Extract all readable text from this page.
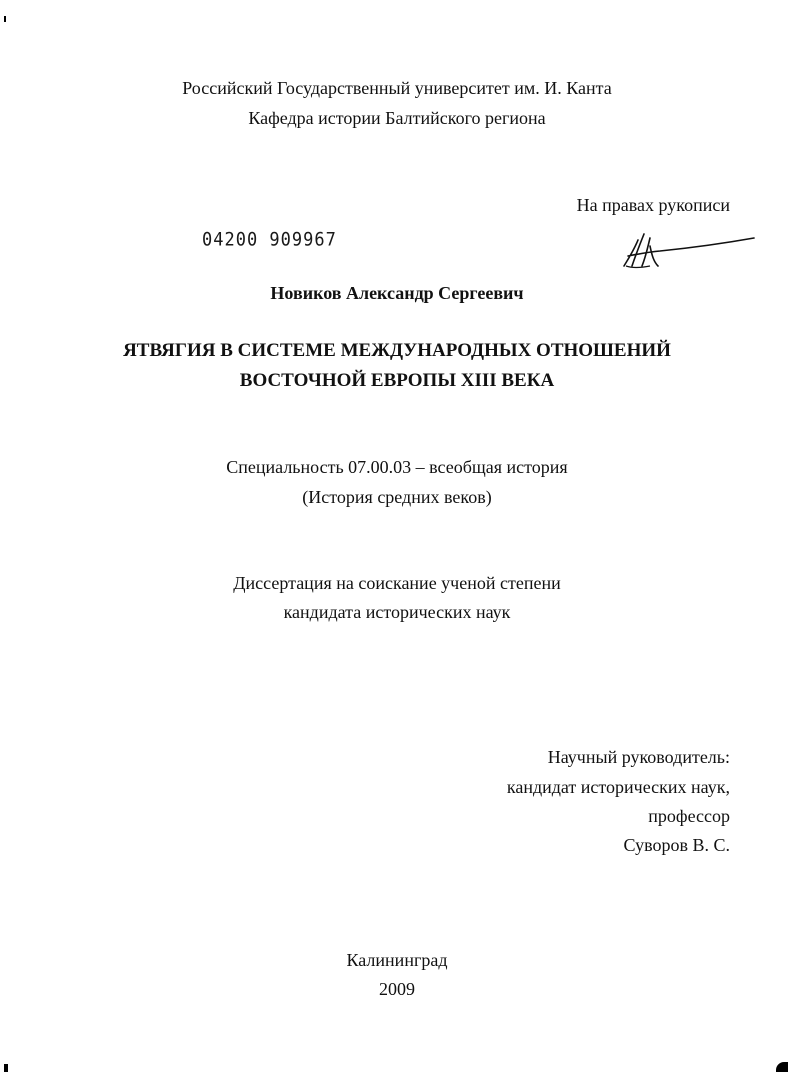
Российский Государственный университет им. И. Канта
Кафедра истории Балтийского региона
На правах рукописи
04200 909967
Новиков Александр Сергеевич
ЯТВЯГИЯ В СИСТЕМЕ МЕЖДУНАРОДНЫХ ОТНОШЕНИЙ
ВОСТОЧНОЙ ЕВРОПЫ XIII ВЕКА
Специальность 07.00.03 – всеобщая история
(История средних веков)
Диссертация на соискание ученой степени
кандидата исторических наук
Научный руководитель:
кандидат исторических наук,
профессор
Суворов В. С.
Калининград
2009
